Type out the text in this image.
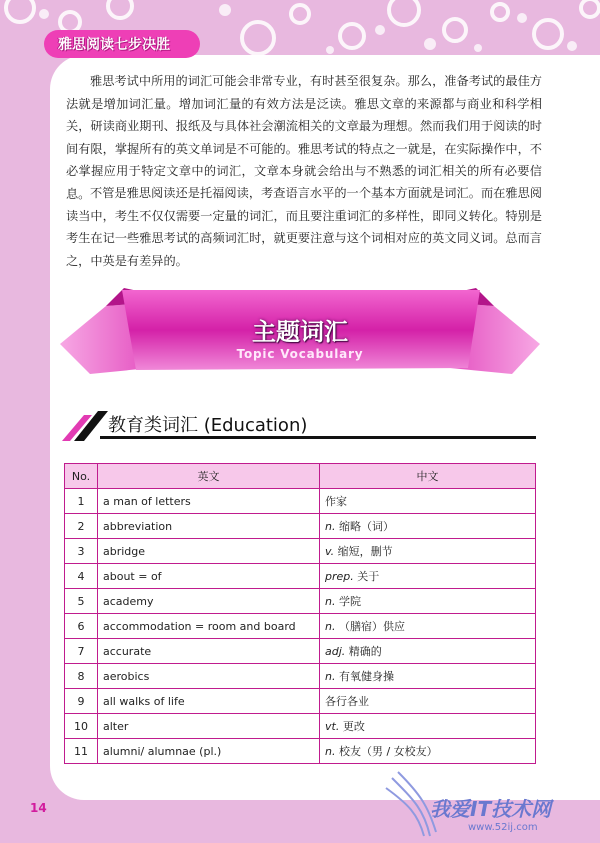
雅思阅读七步决胜

雅思考试中所用的词汇可能会非常专业，有时甚至很复杂。那么，准备考试的最佳方法就是增加词汇量。增加词汇量的有效方法是泛读。雅思文章的来源都与商业和科学相关，研读商业期刊、报纸及与具体社会潮流相关的文章最为理想。然而我们用于阅读的时间有限，掌握所有的英文单词是不可能的。雅思考试的特点之一就是，在实际操作中，不必掌握应用于特定文章中的词汇，文章本身就会给出与不熟悉的词汇相关的所有必要信息。 不管是雅思阅读还是托福阅读，考查语言水平的一个基本方面就是词汇。而在雅思阅读当中，考生不仅仅需要一定量的词汇，而且要注重词汇的多样性，即同义转化。特别是考生在记一些雅思考试的高频词汇时，就更要注意与这个词相对应的英文同义词。总而言之，中英是有差异的。

主题词汇
Topic Vocabulary
教育类词汇 (Education)
No.	英文	中文
1	a man of letters	作家
2	abbreviation	n. 缩略（词）
3	abridge	v. 缩短，删节
4	about = of	prep. 关于
5	academy	n. 学院
6	accommodation = room and board	n. （膳宿）供应
7	accurate	adj. 精确的
8	aerobics	n. 有氧健身操
9	all walks of life	各行各业
10	alter	vt. 更改
11	alumni/ alumnae (pl.)	n. 校友（男 / 女校友）
14	我爱IT技术网
www.52ij.com
